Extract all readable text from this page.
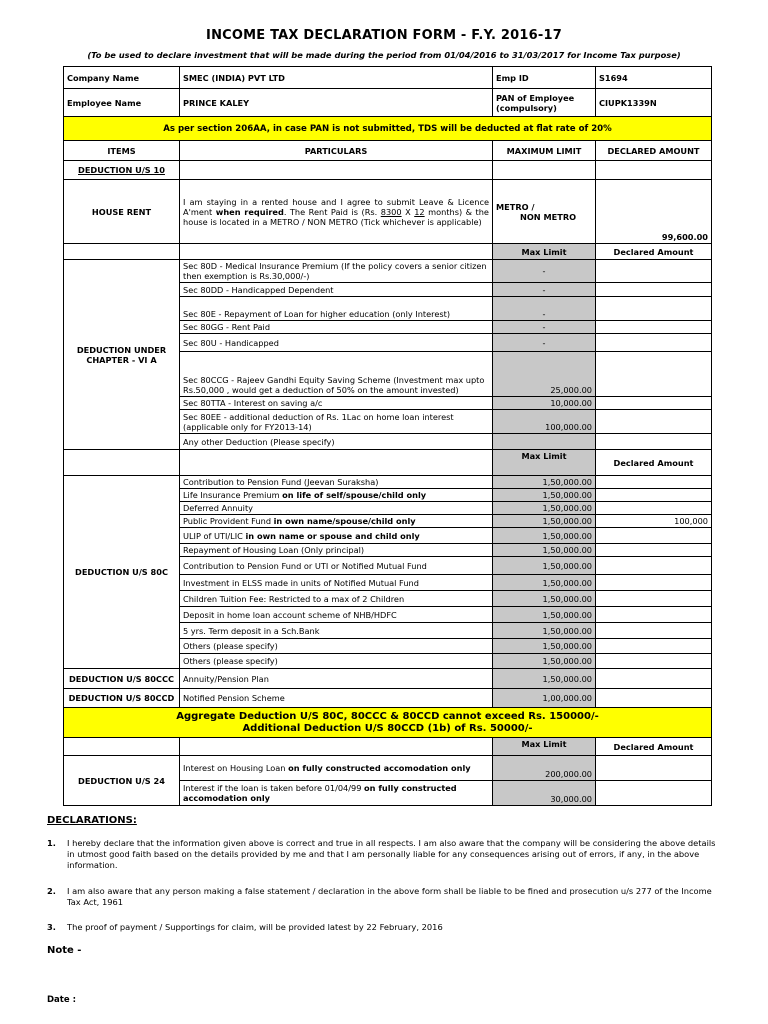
INCOME TAX DECLARATION FORM - F.Y. 2016-17
(To be used to declare investment that will be made during the period from 01/04/2016 to 31/03/2017 for Income Tax purpose)
Company Name	SMEC (INDIA) PVT LTD	Emp ID	S1694
Employee Name	PRINCE KALEY	PAN of Employee (compulsory)	CIUPK1339N
As per section 206AA, in case PAN is not submitted, TDS will be deducted at flat rate of 20%			
ITEMS	PARTICULARS	MAXIMUM LIMIT	DECLARED AMOUNT
DEDUCTION U/S 10			
HOUSE RENT	I am staying in a rented house and I agree to submit Leave & Licence A'ment when required. The Rent Paid is (Rs. 8300 X 12 months) & the house is located in a METRO / NON METRO (Tick whichever is applicable)	METRO /
NON METRO	99,600.00
		Max Limit	Declared Amount
DEDUCTION UNDER CHAPTER - VI A	Sec 80D - Medical Insurance Premium (If the policy covers a senior citizen then exemption is Rs.30,000/-)	-	
	Sec 80DD - Handicapped Dependent	-	
	Sec 80E - Repayment of Loan for higher education (only Interest)	-	
	Sec 80GG - Rent Paid	-	
	Sec 80U - Handicapped	-	
	Sec 80CCG - Rajeev Gandhi Equity Saving Scheme (Investment max upto Rs.50,000 , would get a deduction of 50% on the amount invested)	25,000.00	
	Sec 80TTA - Interest on saving a/c	10,000.00	
	Sec 80EE - additional deduction of Rs. 1Lac on home loan interest (applicable only for FY2013-14)	100,000.00	
	Any other Deduction (Please specify)		
		Max Limit	Declared Amount
DEDUCTION U/S 80C	Contribution to Pension Fund (Jeevan Suraksha)	1,50,000.00	
	Life Insurance Premium on life of self/spouse/child only	1,50,000.00	
	Deferred Annuity	1,50,000.00	
	Public Provident Fund in own name/spouse/child only	1,50,000.00	100,000
	ULIP of UTI/LIC in own name or spouse and child only	1,50,000.00	
	Repayment of Housing Loan (Only principal)	1,50,000.00	
	Contribution to Pension Fund or UTI or Notified Mutual Fund	1,50,000.00	
	Investment in ELSS made in units of Notified Mutual Fund	1,50,000.00	
	Children Tuition Fee: Restricted to a max of 2 Children	1,50,000.00	
	Deposit in home loan account scheme of NHB/HDFC	1,50,000.00	
	5 yrs. Term deposit in a Sch.Bank	1,50,000.00	
	Others (please specify)	1,50,000.00	
	Others (please specify)	1,50,000.00	
DEDUCTION U/S 80CCC	Annuity/Pension Plan	1,50,000.00	
DEDUCTION U/S 80CCD	Notified Pension Scheme	1,00,000.00	

Aggregate Deduction U/S 80C, 80CCC & 80CCD cannot exceed Rs. 150000/-
Additional Deduction U/S 80CCD (1b) of Rs. 50000/-			

		Max Limit	Declared Amount
DEDUCTION U/S 24	Interest on Housing Loan on fully constructed accomodation only	200,000.00	
	Interest if the loan is taken before 01/04/99 on fully constructed accomodation only	30,000.00	
DECLARATIONS:
1. I hereby declare that the information given above is correct and true in all respects. I am also aware that the company will be considering the above details in utmost good faith based on the details provided by me and that I am personally liable for any consequences arising out of errors, if any, in the above information.
2. I am also aware that any person making a false statement / declaration in the above form shall be liable to be fined and prosecution u/s 277 of the Income Tax Act, 1961
3. The proof of payment / Supportings for claim, will be provided latest by 22 February, 2016
Note -
Date :
